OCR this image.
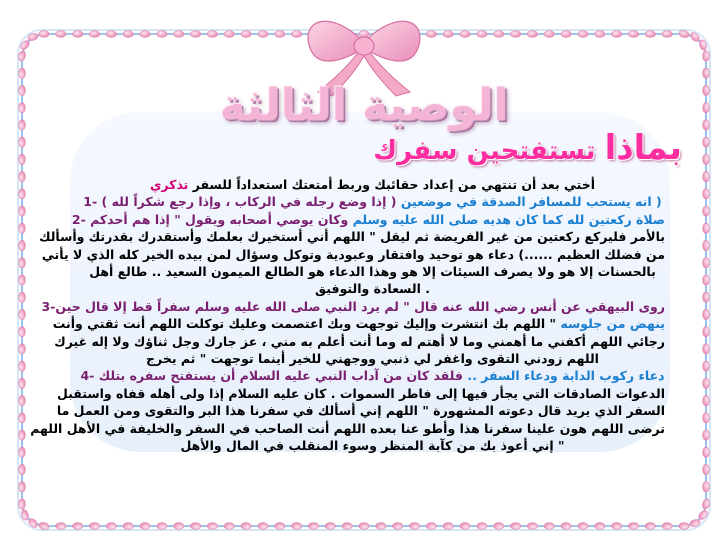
الوصية الثالثة
بماذا تستفتحين سفرك
أختي بعد أن تنتهي من إعداد حقائبك وربط أمتعتك استعداداً للسفر تذكري
( انه يستحب للمسافر الصدقة في موضعين ( إذا وضع رجله في الركاب ، وإذا رجع شكراً لله ) -1
صلاة ركعتين لله كما كان هديه صلى الله عليه وسلم وكان يوصي أصحابه ويقول " إذا هم أحدكم -2
بالأمر فليركع ركعتين من غير الفريضة ثم ليقل " اللهم أني أستخيرك بعلمك وأستقدرك بقدرتك وأسألك
من فضلك العظيم ......) دعاء هو توحيد وافتقار وعبودية وتوكل وسؤال لمن بيده الخير كله الذي لا يأتي
بالحسنات إلا هو ولا يصرف السيئات إلا هو وهذا الدعاء هو الطالع الميمون السعيد .. طالع أهل
. السعادة والتوفيق
روى البيهقي عن أنس رضي الله عنه قال " لم يرد النبي صلى الله عليه وسلم سفراً قط إلا قال حين-3
ينهض من جلوسه " اللهم بك انتشرت وإليك توجهت وبك اعتصمت وعليك توكلت اللهم أنت ثقتي وأنت
رجائي اللهم أكفني ما أهمني وما لا أهتم له وما أنت أعلم به مني ، عز جارك وجل ثناؤك ولا إله غيرك
اللهم زودني التقوى واغفر لي ذنبي ووجهني للخير أينما توجهت " ثم يخرج
دعاء ركوب الدابة ودعاء السفر .. فلقد كان من آداب النبي عليه السلام أن يستفتح سفره بتلك -4
الدعوات الصادقات التي يجأر فيها إلى فاطر السموات . كان عليه السلام إذا ولى أهله قفاه واستقبل
السفر الذي يريد قال دعوته المشهورة " اللهم إني أسألك في سفرنا هذا البر والتقوى ومن العمل ما
ترضى اللهم هون علينا سفرنا هذا وأطو عنا بعده اللهم أنت الصاحب في السفر والخليفة في الأهل اللهم
" إني أعوذ بك من كآبة المنظر وسوء المنقلب في المال والأهل
